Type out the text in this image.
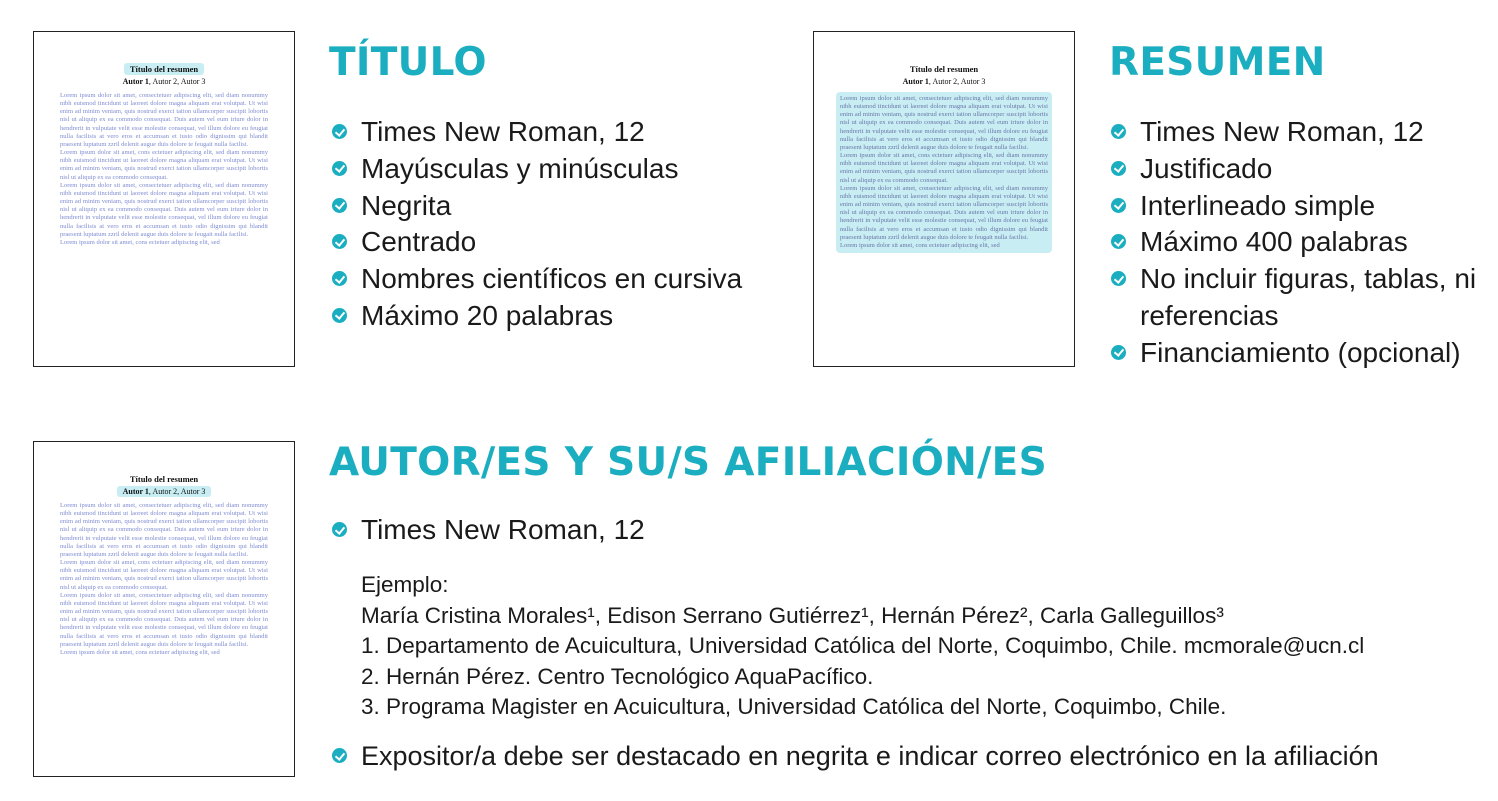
Título del resumen
Autor 1, Autor 2, Autor 3

Lorem ipsum dolor sit amet, consectetuer adipiscing elit, sed diam nonummy nibh euismod tincidunt ut laoreet dolore magna aliquam erat volutpat. Ut wisi enim ad minim veniam, quis nostrud exerci tation ullamcorper suscipit lobortis nisl ut aliquip ex ea commodo consequat. Duis autem vel eum iriure dolor in hendrerit in vulputate velit esse molestie consequat, vel illum dolore eu feugiat nulla facilisis at vero eros et accumsan et iusto odio dignissim qui blandit praesent luptatum zzril delenit augue duis dolore te feugait nulla facilisi.

Lorem ipsum dolor sit amet, cons ectetuer adipiscing elit, sed diam nonummy nibh euismod tincidunt ut laoreet dolore magna aliquam erat volutpat. Ut wisi enim ad minim veniam, quis nostrud exerci tation ullamcorper suscipit lobortis nisl ut aliquip ex ea commodo consequat.

Lorem ipsum dolor sit amet, consectetuer adipiscing elit, sed diam nonummy nibh euismod tincidunt ut laoreet dolore magna aliquam erat volutpat. Ut wisi enim ad minim veniam, quis nostrud exerci tation ullamcorper suscipit lobortis nisl ut aliquip ex ea commodo consequat. Duis autem vel eum iriure dolor in hendrerit in vulputate velit esse molestie consequat, vel illum dolore eu feugiat nulla facilisis at vero eros et accumsan et iusto odio dignissim qui blandit praesent luptatum zzril delenit augue duis dolore te feugait nulla facilisi.

Lorem ipsum dolor sit amet, cons ectetuer adipiscing elit, sed

Título del resumen
Autor 1, Autor 2, Autor 3

Lorem ipsum dolor sit amet, consectetuer adipiscing elit, sed diam nonummy nibh euismod tincidunt ut laoreet dolore magna aliquam erat volutpat. Ut wisi enim ad minim veniam, quis nostrud exerci tation ullamcorper suscipit lobortis nisl ut aliquip ex ea commodo consequat. Duis autem vel eum iriure dolor in hendrerit in vulputate velit esse molestie consequat, vel illum dolore eu feugiat nulla facilisis at vero eros et accumsan et iusto odio dignissim qui blandit praesent luptatum zzril delenit augue duis dolore te feugait nulla facilisi.

Lorem ipsum dolor sit amet, cons ectetuer adipiscing elit, sed diam nonummy nibh euismod tincidunt ut laoreet dolore magna aliquam erat volutpat. Ut wisi enim ad minim veniam, quis nostrud exerci tation ullamcorper suscipit lobortis nisl ut aliquip ex ea commodo consequat.

Lorem ipsum dolor sit amet, consectetuer adipiscing elit, sed diam nonummy nibh euismod tincidunt ut laoreet dolore magna aliquam erat volutpat. Ut wisi enim ad minim veniam, quis nostrud exerci tation ullamcorper suscipit lobortis nisl ut aliquip ex ea commodo consequat. Duis autem vel eum iriure dolor in hendrerit in vulputate velit esse molestie consequat, vel illum dolore eu feugiat nulla facilisis at vero eros et accumsan et iusto odio dignissim qui blandit praesent luptatum zzril delenit augue duis dolore te feugait nulla facilisi.

Lorem ipsum dolor sit amet, cons ectetuer adipiscing elit, sed

Título del resumen
Autor 1, Autor 2, Autor 3

Lorem ipsum dolor sit amet, consectetuer adipiscing elit, sed diam nonummy nibh euismod tincidunt ut laoreet dolore magna aliquam erat volutpat. Ut wisi enim ad minim veniam, quis nostrud exerci tation ullamcorper suscipit lobortis nisl ut aliquip ex ea commodo consequat. Duis autem vel eum iriure dolor in hendrerit in vulputate velit esse molestie consequat, vel illum dolore eu feugiat nulla facilisis at vero eros et accumsan et iusto odio dignissim qui blandit praesent luptatum zzril delenit augue duis dolore te feugait nulla facilisi.

Lorem ipsum dolor sit amet, cons ectetuer adipiscing elit, sed diam nonummy nibh euismod tincidunt ut laoreet dolore magna aliquam erat volutpat. Ut wisi enim ad minim veniam, quis nostrud exerci tation ullamcorper suscipit lobortis nisl ut aliquip ex ea commodo consequat.

Lorem ipsum dolor sit amet, consectetuer adipiscing elit, sed diam nonummy nibh euismod tincidunt ut laoreet dolore magna aliquam erat volutpat. Ut wisi enim ad minim veniam, quis nostrud exerci tation ullamcorper suscipit lobortis nisl ut aliquip ex ea commodo consequat. Duis autem vel eum iriure dolor in hendrerit in vulputate velit esse molestie consequat, vel illum dolore eu feugiat nulla facilisis at vero eros et accumsan et iusto odio dignissim qui blandit praesent luptatum zzril delenit augue duis dolore te feugait nulla facilisi.

Lorem ipsum dolor sit amet, cons ectetuer adipiscing elit, sed

TÍTULO
Times New Roman, 12
Mayúsculas y minúsculas
Negrita
Centrado
Nombres científicos en cursiva
Máximo 20 palabras
RESUMEN
Times New Roman, 12
Justificado
Interlineado simple
Máximo 400 palabras
No incluir figuras, tablas, ni referencias
Financiamiento (opcional)
AUTOR/ES Y SU/S AFILIACIÓN/ES
Times New Roman, 12
Ejemplo:
María Cristina Morales¹, Edison Serrano Gutiérrez¹, Hernán Pérez², Carla Galleguillos³
1. Departamento de Acuicultura, Universidad Católica del Norte, Coquimbo, Chile. mcmorale@ucn.cl
2. Hernán Pérez. Centro Tecnológico AquaPacífico.
3. Programa Magister en Acuicultura, Universidad Católica del Norte, Coquimbo, Chile.
Expositor/a debe ser destacado en negrita e indicar correo electrónico en la afiliación
